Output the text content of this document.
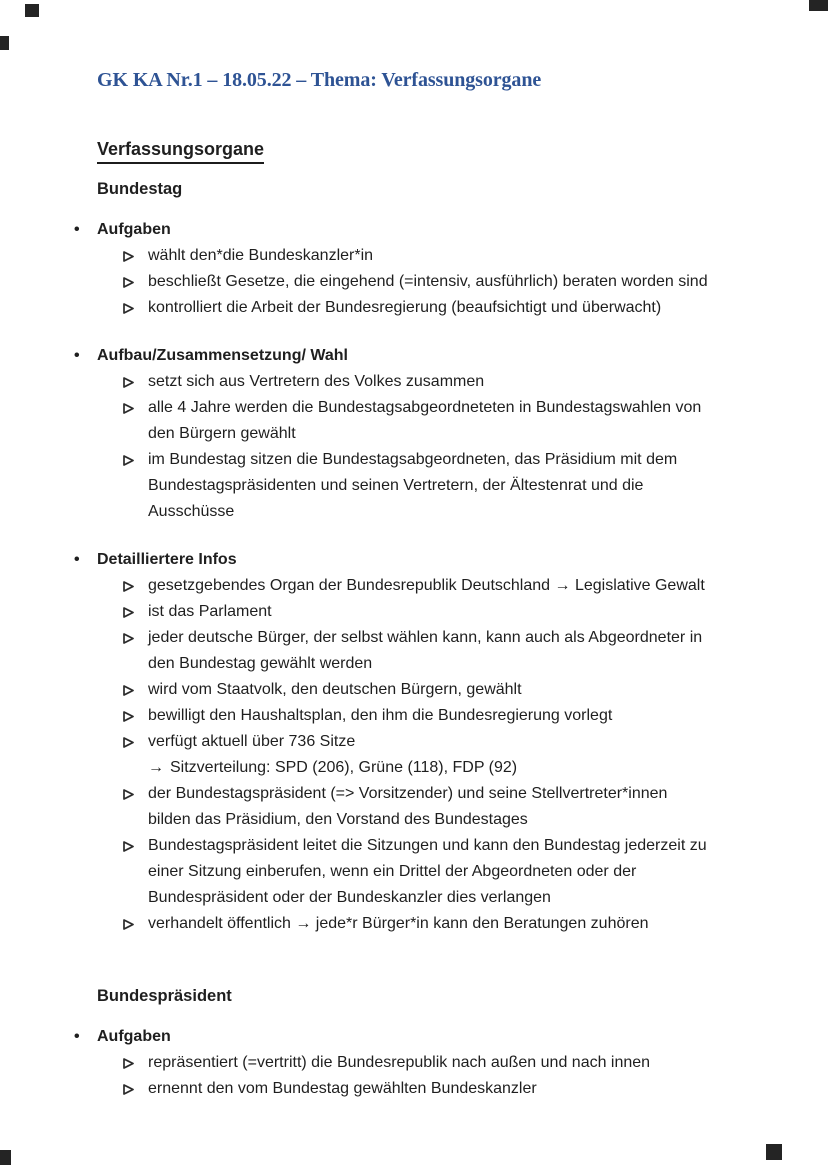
GK KA Nr.1 – 18.05.22 – Thema: Verfassungsorgane
Verfassungsorgane
Bundestag
•	Aufgaben
wählt den*die Bundeskanzler*in
beschließt Gesetze, die eingehend (=intensiv, ausführlich) beraten worden sind
kontrolliert die Arbeit der Bundesregierung (beaufsichtigt und überwacht)
•	Aufbau/Zusammensetzung/ Wahl
setzt sich aus Vertretern des Volkes zusammen
alle 4 Jahre werden die Bundestagsabgeordneteten in Bundestagswahlen von
den Bürgern gewählt
im Bundestag sitzen die Bundestagsabgeordneten, das Präsidium mit dem
Bundestagspräsidenten und seinen Vertretern, der Ältestenrat und die
Ausschüsse
•	Detailliertere Infos
gesetzgebendes Organ der Bundesrepublik Deutschland → Legislative Gewalt
ist das Parlament
jeder deutsche Bürger, der selbst wählen kann, kann auch als Abgeordneter in
den Bundestag gewählt werden
wird vom Staatvolk, den deutschen Bürgern, gewählt
bewilligt den Haushaltsplan, den ihm die Bundesregierung vorlegt
verfügt aktuell über 736 Sitze
→ Sitzverteilung: SPD (206), Grüne (118), FDP (92)
der Bundestagspräsident (=> Vorsitzender) und seine Stellvertreter*innen
bilden das Präsidium, den Vorstand des Bundestages
Bundestagspräsident leitet die Sitzungen und kann den Bundestag jederzeit zu
einer Sitzung einberufen, wenn ein Drittel der Abgeordneten oder der
Bundespräsident oder der Bundeskanzler dies verlangen
verhandelt öffentlich → jede*r Bürger*in kann den Beratungen zuhören
Bundespräsident
•	Aufgaben
repräsentiert (=vertritt) die Bundesrepublik nach außen und nach innen
ernennt den vom Bundestag gewählten Bundeskanzler
